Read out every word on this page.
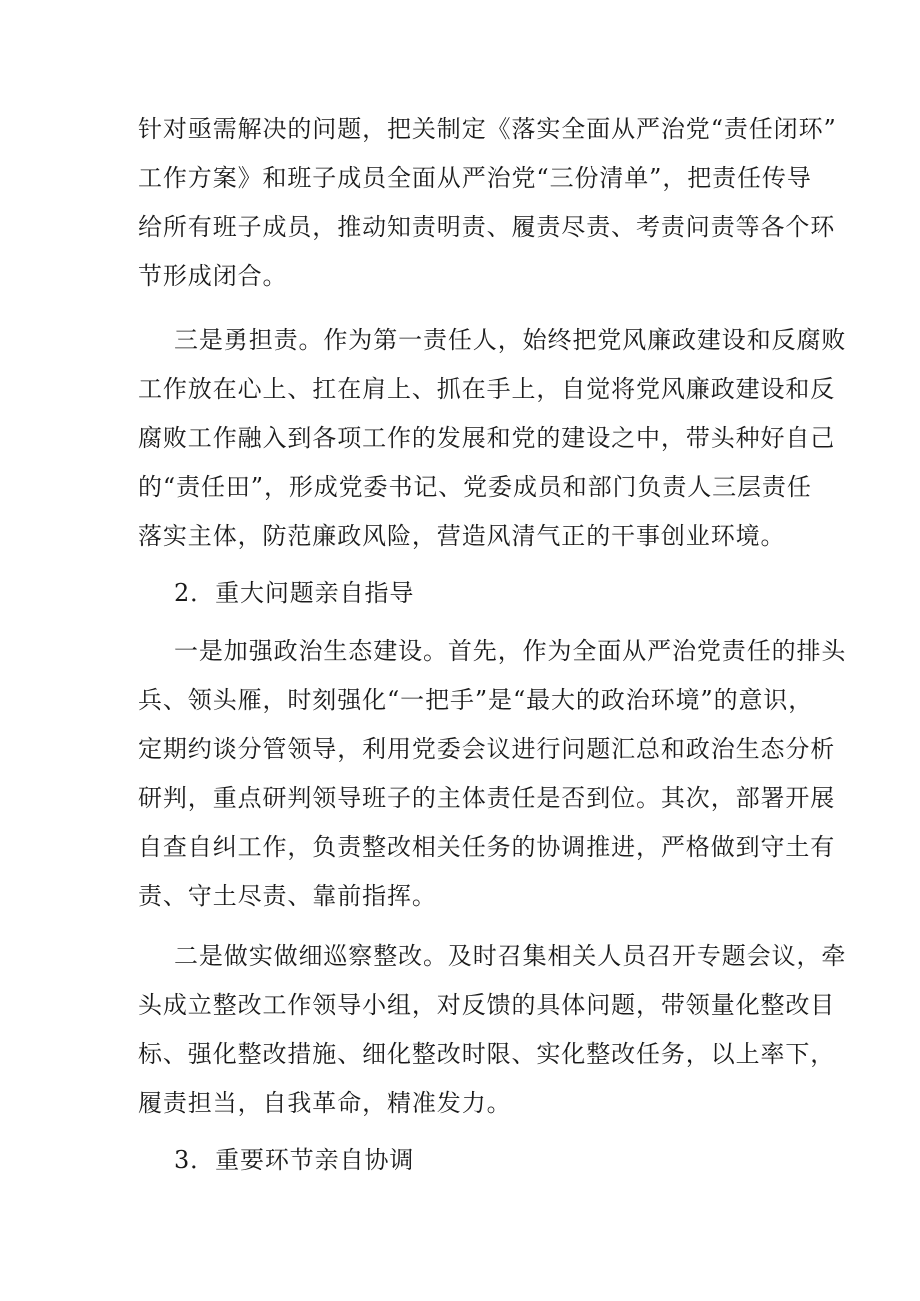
针对亟需解决的问题，把关制定《落实全面从严治党“责任闭环”
工作方案》和班子成员全面从严治党“三份清单”，把责任传导
给所有班子成员，推动知责明责、履责尽责、考责问责等各个环
节形成闭合。
三是勇担责。作为第一责任人，始终把党风廉政建设和反腐败
工作放在心上、扛在肩上、抓在手上，自觉将党风廉政建设和反
腐败工作融入到各项工作的发展和党的建设之中，带头种好自己
的“责任田”，形成党委书记、党委成员和部门负责人三层责任
落实主体，防范廉政风险，营造风清气正的干事创业环境。
2．重大问题亲自指导
一是加强政治生态建设。首先，作为全面从严治党责任的排头
兵、领头雁，时刻强化“一把手”是“最大的政治环境”的意识，
定期约谈分管领导，利用党委会议进行问题汇总和政治生态分析
研判，重点研判领导班子的主体责任是否到位。其次，部署开展
自查自纠工作，负责整改相关任务的协调推进，严格做到守土有
责、守土尽责、靠前指挥。
二是做实做细巡察整改。及时召集相关人员召开专题会议，牵
头成立整改工作领导小组，对反馈的具体问题，带领量化整改目
标、强化整改措施、细化整改时限、实化整改任务，以上率下，
履责担当，自我革命，精准发力。
3．重要环节亲自协调
